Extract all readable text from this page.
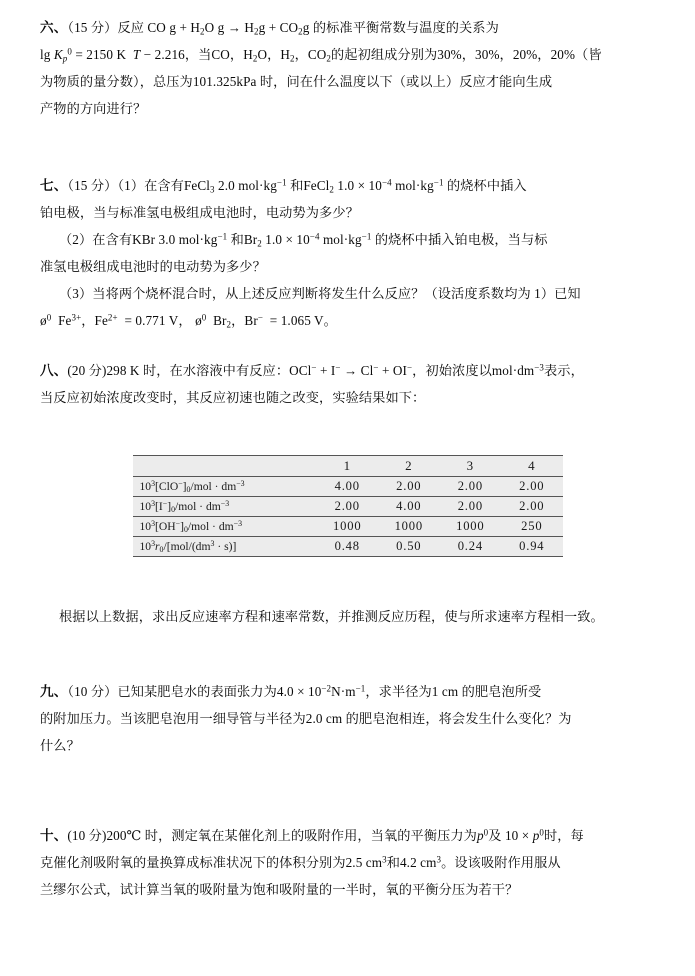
六、（15 分）反应 CO $g + H_2O$ $g \to H_2g + CO_2g$ 的标准平衡常数与温度的关系为
$\lg K_p^0 = 2150$ K T − 2.216，当CO，$H_2O$，$H_2$，$CO_2$的起初组成分别为30%，30%，20%，20%（皆
为物质的量分数），总压为101.325kPa 时，问在什么温度以下（或以上）反应才能向生成
产物的方向进行？
七、（15 分）（1）在含有FeCl$_3$ 2.0 $mol\cdot kg^{-1}$ 和FeCl$_2$ $1.0 \times 10^{-4}$ $mol\cdot kg^{-1}$ 的烧杯中插入
铂电极，当与标准氢电极组成电池时，电动势为多少？
（2）在含有KBr 3.0 $mol\cdot kg^{-1}$ 和$Br_2$ $1.0 \times 10^{-4}$ $mol\cdot kg^{-1}$ 的烧杯中插入铂电极，当与标
准氢电极组成电池时的电动势为多少？
（3）当将两个烧杯混合时，从上述反应判断将发生什么反应？（设活度系数均为 1）已知
$ø^0$ $Fe^{3+}$，$Fe^{2+} = 0.771$ V， $ø^0$ $Br_2$，Br− = 1.065 V。
八、(20 分)298 K 时，在水溶液中有反应：OCl− + I− → Cl− + OI−，初始浓度以$mol\cdot dm^{-3}$表示，
当反应初始浓度改变时，其反应初速也随之改变，实验结果如下：
	1	2	3	4
$10^3[ClO^-]_0$/mol · $dm^{-3}$	4.00	2.00	2.00	2.00
$10^3[I^-]_0$/mol · $dm^{-3}$	2.00	4.00	2.00	2.00
$10^3[OH^-]_0$/mol · $dm^{-3}$	1000	1000	1000	250
$10^3r_0/[mol/(dm^3 \cdot s)]$	0.48	0.50	0.24	0.94
根据以上数据，求出反应速率方程和速率常数，并推测反应历程，使与所求速率方程相一致。
九、（10 分）已知某肥皂水的表面张力为$4.0 \times 10^{-2}N\cdot m^{-1}$，求半径为1 cm 的肥皂泡所受
的附加压力。当该肥皂泡用一细导管与半径为2.0 cm 的肥皂泡相连，将会发生什么变化？为
什么？
十、(10 分)200℃ 时，测定氧在某催化剂上的吸附作用，当氧的平衡压力为$p^0$及 $10 \times p^0$时，每
克催化剂吸附氧的量换算成标准状况下的体积分别为2.5 $cm^3$和4.2 $cm^3$。设该吸附作用服从
兰缪尔公式，试计算当氧的吸附量为饱和吸附量的一半时，氧的平衡分压为若干？
